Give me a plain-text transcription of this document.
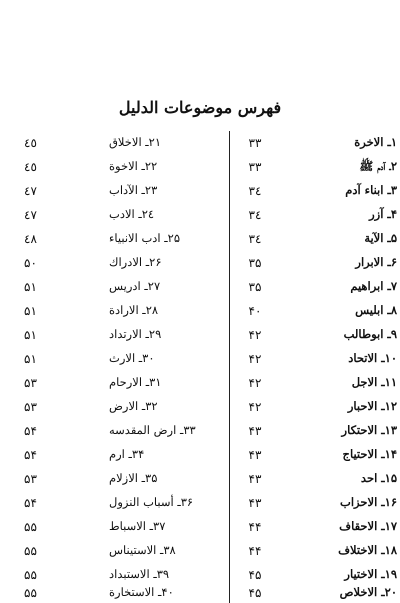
فهرس موضوعات الدليل
١ـ الاخرة	٣٣	٢١ـ الاخلاق	٤٥
٢ـ آدم ﷺ	٣٣	٢٢ـ الاخوة	٤٥
٣ـ ابناء آدم	٣٤	٢٣ـ الآداب	٤٧
۴ـ آزر	٣٤	٢٤ـ الادب	٤٧
۵ـ الآية	٣٤	٢۵ـ ادب الانبياء	٤٨
۶ـ الابرار	٣۵	٢۶ـ الادراك	۵٠
٧ـ ابراهيم	٣۵	٢٧ـ ادريس	۵١
٨ـ ابليس	۴٠	٢٨ـ الارادة	۵١
٩ـ ابوطالب	۴٢	٢٩ـ الارتداد	۵١
١٠ـ الاتحاد	۴٢	٣٠ـ الارث	۵١
١١ـ الاجل	۴٢	٣١ـ الارحام	۵٣
١٢ـ الاحبار	۴٢	٣٢ـ الارض	۵٣
١٣ـ الاحتكار	۴٣	٣٣ـ ارض المقدسه	۵۴
١۴ـ الاحتياج	۴٣	٣۴ـ ارم	۵۴
١۵ـ احد	۴٣	٣۵ـ الازلام	۵٣
١۶ـ الاحزاب	۴٣	٣۶ـ أسباب النزول	۵۴
١٧ـ الاحقاف	۴۴	٣٧ـ الاسباط	۵۵
١٨ـ الاختلاف	۴۴	٣٨ـ الاستيناس	۵۵
١٩ـ الاختيار	۴۵	٣٩ـ الاستبداد	۵۵
٢٠ـ الاخلاص	۴۵	۴٠ـ الاستخارة	۵۵
